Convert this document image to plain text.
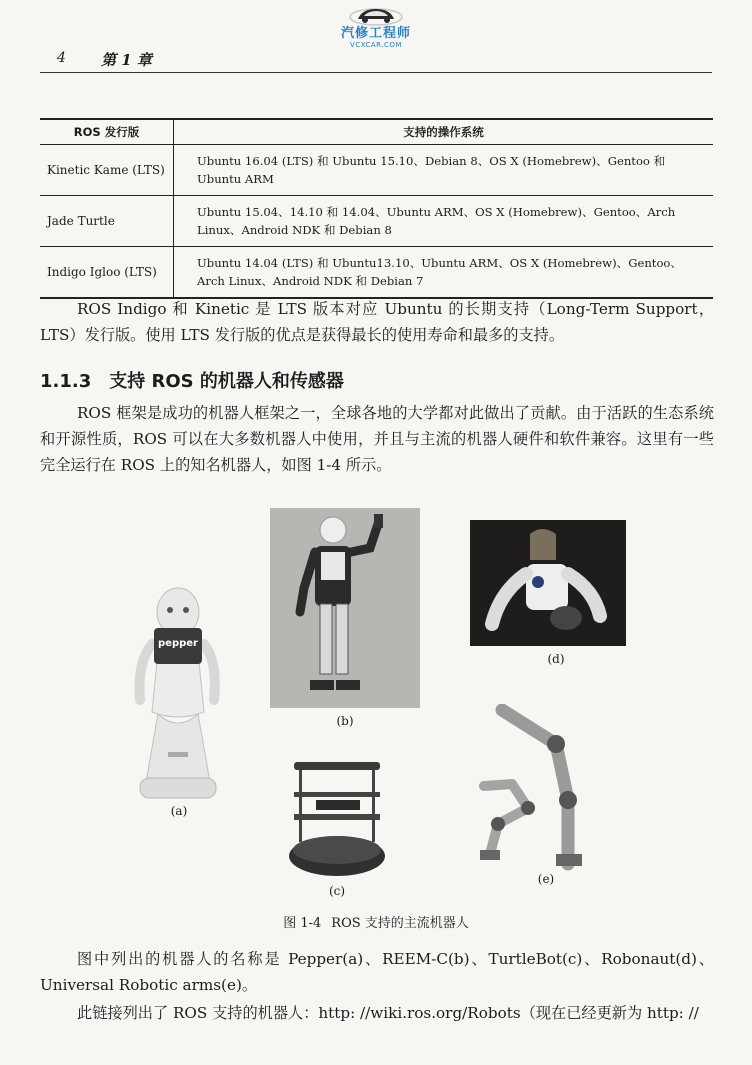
汽修工程师
VCXCAR.COM
4 第 1 章
ROS 发行版	支持的操作系统
Kinetic Kame (LTS)	Ubuntu 16.04 (LTS) 和 Ubuntu 15.10、Debian 8、OS X (Homebrew)、Gentoo 和 Ubuntu ARM

Jade Turtle	Ubuntu 15.04、14.10 和 14.04、Ubuntu ARM、OS X (Homebrew)、Gentoo、Arch Linux、Android NDK 和 Debian 8

Indigo Igloo (LTS)	Ubuntu 14.04 (LTS) 和 Ubuntu13.10、Ubuntu ARM、OS X (Homebrew)、Gentoo、Arch Linux、Android NDK 和 Debian 7
ROS Indigo 和 Kinetic 是 LTS 版本对应 Ubuntu 的长期支持（Long-Term Support，LTS）发行版。使用 LTS 发行版的优点是获得最长的使用寿命和最多的支持。
1.1.3 支持 ROS 的机器人和传感器
ROS 框架是成功的机器人框架之一，全球各地的大学都对此做出了贡献。由于活跃的生态系统和开源性质，ROS 可以在大多数机器人中使用，并且与主流的机器人硬件和软件兼容。这里有一些完全运行在 ROS 上的知名机器人，如图 1-4 所示。
pepper
(a)
(b)
(d)
(c)
(e)
图 1-4 ROS 支持的主流机器人
图中列出的机器人的名称是 Pepper(a)、REEM-C(b)、TurtleBot(c)、Robonaut(d)、Universal Robotic arms(e)。
此链接列出了 ROS 支持的机器人：http: //wiki.ros.org/Robots（现在已经更新为 http: //
